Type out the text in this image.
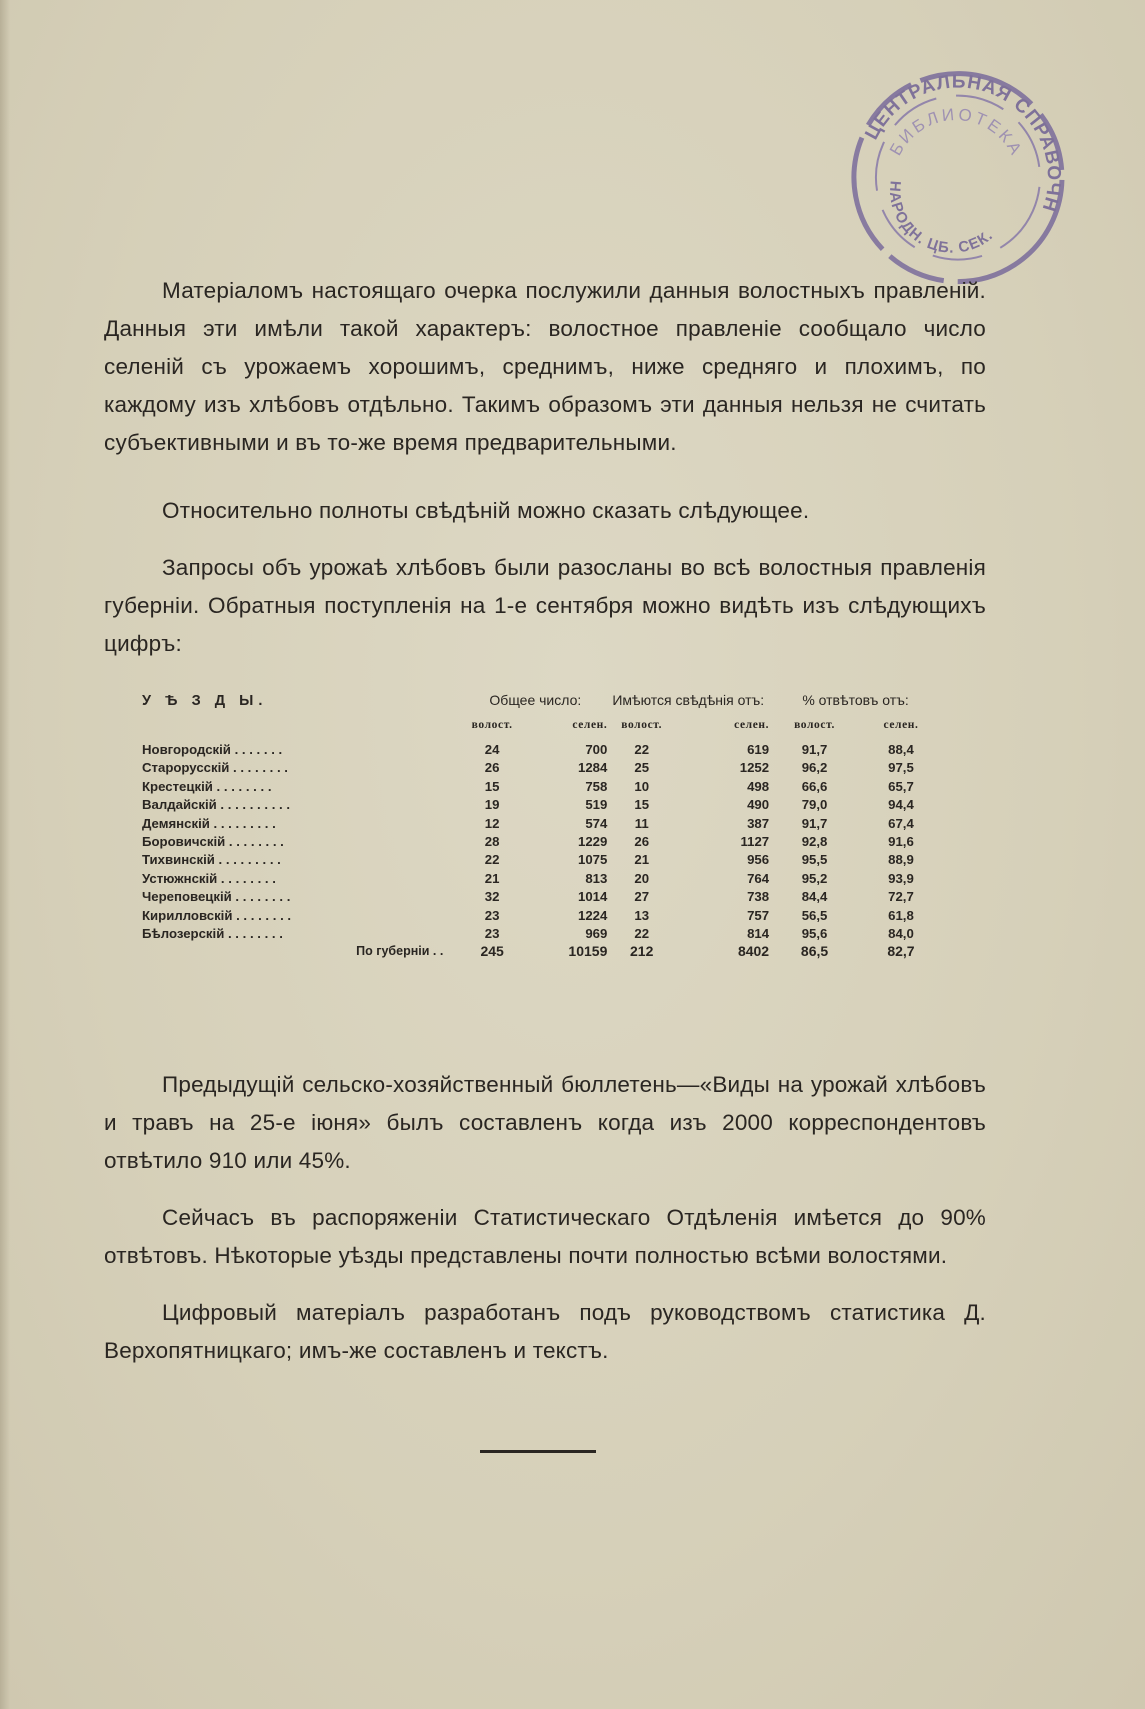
ЦЕНТРАЛЬНАЯ СПРАВОЧНАЯ
БИБЛИОТЕКА
НАРОДН. ЦБ. СЕК.

Матеріаломъ настоящаго очерка послужили данныя волостныхъ правленій. Данныя эти имѣли такой характеръ: волостное правленіе сообщало число селеній съ урожаемъ хорошимъ, среднимъ, ниже средняго и плохимъ, по каждому изъ хлѣбовъ отдѣльно. Такимъ образомъ эти данныя нельзя не считать субъективными и въ то-же время предварительными.

Относительно полноты свѣдѣній можно сказать слѣдующее.

Запросы объ урожаѣ хлѣбовъ были разосланы во всѣ волостныя правленія губерніи. Обратныя поступленія на 1-е сентября можно видѣть изъ слѣдующихъ цифръ:

У Ѣ З Д Ы.	Общее число:		Имѣются свѣдѣнія отъ:		% отвѣтовъ отъ:	
	волост.	селен.	волост.	селен.	волост.	селен.

Новгородскій . . . . . . .	24	700	22	619	91,7	88,4
Старорусскій . . . . . . . .	26	1284	25	1252	96,2	97,5
Крестецкій . . . . . . . .	15	758	10	498	66,6	65,7
Валдайскій . . . . . . . . . .	19	519	15	490	79,0	94,4
Демянскій . . . . . . . . .	12	574	11	387	91,7	67,4
Боровичскій . . . . . . . .	28	1229	26	1127	92,8	91,6
Тихвинскій . . . . . . . . .	22	1075	21	956	95,5	88,9
Устюжнскій . . . . . . . .	21	813	20	764	95,2	93,9
Череповецкій . . . . . . . .	32	1014	27	738	84,4	72,7
Кирилловскій . . . . . . . .	23	1224	13	757	56,5	61,8
Бѣлозерскій . . . . . . . .	23	969	22	814	95,6	84,0
По губерніи . .	245	10159	212	8402	86,5	82,7

Предыдущій сельско-хозяйственный бюллетень—«Виды на урожай хлѣбовъ и травъ на 25-е іюня» былъ составленъ когда изъ 2000 корреспондентовъ отвѣтило 910 или 45%.

Сейчасъ въ распоряженіи Статистическаго Отдѣленія имѣется до 90% отвѣтовъ. Нѣкоторые уѣзды представлены почти полностью всѣми волостями.

Цифровый матеріалъ разработанъ подъ руководствомъ статистика Д. Верхопятницкаго; имъ-же составленъ и текстъ.
